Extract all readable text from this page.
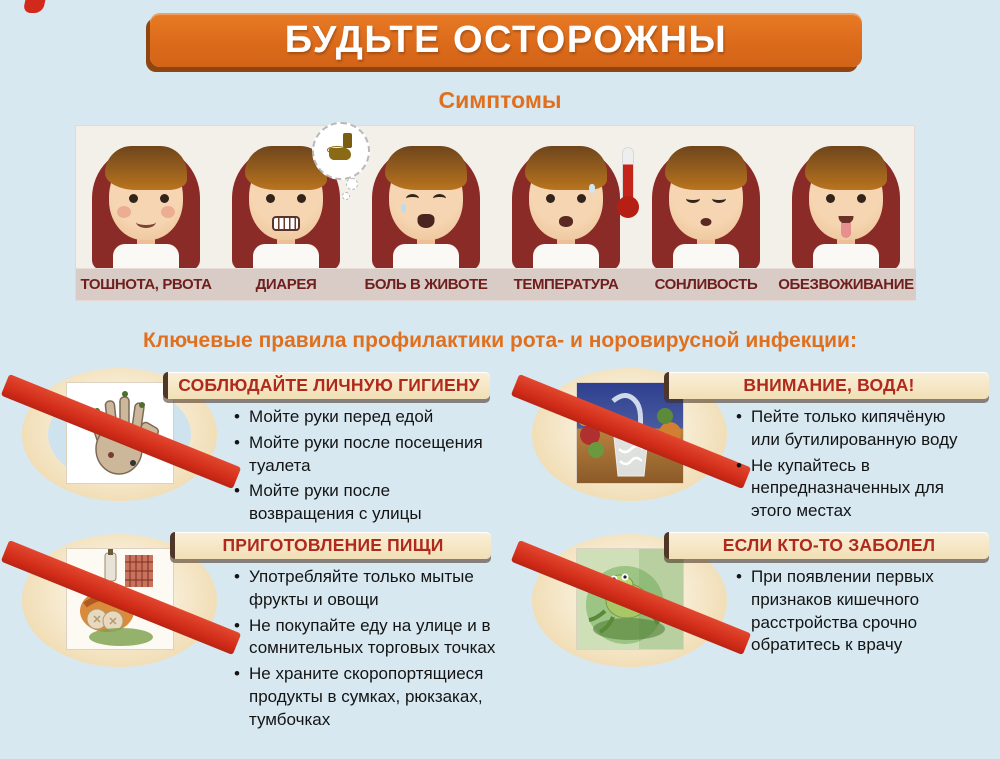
БУДЬТЕ ОСТОРОЖНЫ
Симптомы
ТОШНОТА, РВОТА	ДИАРЕЯ	БОЛЬ В ЖИВОТЕ	ТЕМПЕРАТУРА	СОНЛИВОСТЬ	ОБЕЗВОЖИВАНИЕ
Ключевые правила профилактики рота- и норовирусной инфекции:
СОБЛЮДАЙТЕ ЛИЧНУЮ ГИГИЕНУ
• Мойте руки перед едой
• Мойте руки после посещения туалета
• Мойте руки после возвращения с улицы
ВНИМАНИЕ, ВОДА!
• Пейте только кипячёную или бутилированную воду
• Не купайтесь в непредназначенных для этого местах
ПРИГОТОВЛЕНИЕ ПИЩИ
• Употребляйте только мытые фрукты и овощи
• Не покупайте еду на улице и в сомнительных торговых точках
• Не храните скоропортящиеся продукты в сумках, рюкзаках, тумбочках
ЕСЛИ КТО-ТО ЗАБОЛЕЛ
• При появлении первых признаков кишечного расстройства срочно обратитесь к врачу
